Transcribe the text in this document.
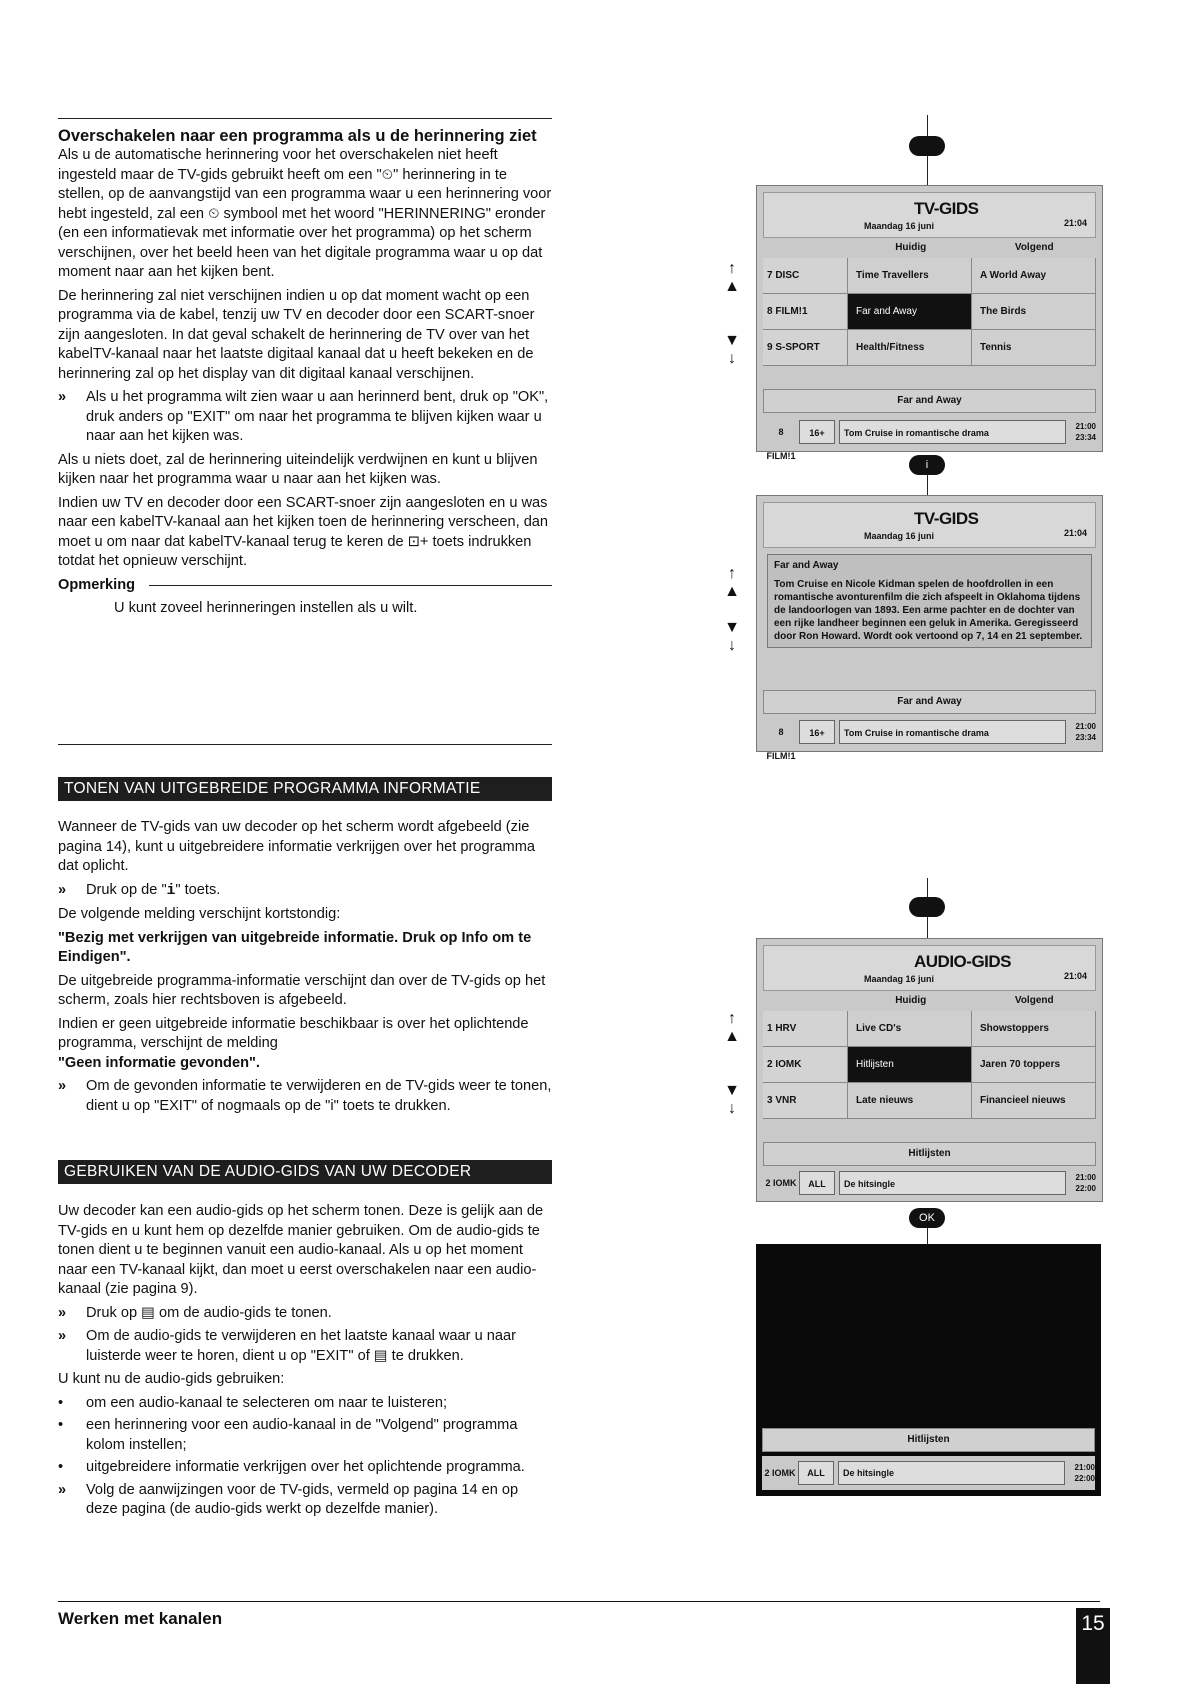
Overschakelen naar een programma als u de herinnering ziet

Als u de automatische herinnering voor het overschakelen niet heeft ingesteld maar de TV-gids gebruikt heeft om een "⏲" herinnering in te stellen, op de aanvangstijd van een programma waar u een herinnering voor hebt ingesteld, zal een ⏲ symbool met het woord "HERINNERING" eronder (en een informatievak met informatie over het programma) op het scherm verschijnen, over het beeld heen van het digitale programma waar u op dat moment naar aan het kijken bent.

De herinnering zal niet verschijnen indien u op dat moment wacht op een programma via de kabel, tenzij uw TV en decoder door een SCART-snoer zijn aangesloten. In dat geval schakelt de herinnering de TV over van het kabelTV-kanaal naar het laatste digitaal kanaal dat u heeft bekeken en de herinnering zal op het display van dit digitaal kanaal verschijnen.

»	Als u het programma wilt zien waar u aan herinnerd bent, druk op "OK", druk anders op "EXIT" om naar het programma te blijven kijken waar u naar aan het kijken was.

Als u niets doet, zal de herinnering uiteindelijk verdwijnen en kunt u blijven kijken naar het programma waar u naar aan het kijken was.

Indien uw TV en decoder door een SCART-snoer zijn aangesloten en u was naar een kabelTV-kanaal aan het kijken toen de herinnering verscheen, dan moet u om naar dat kabelTV-kanaal terug te keren de ⊡+ toets indrukken totdat het opnieuw verschijnt.

Opmerking

U kunt zoveel herinneringen instellen als u wilt.

TONEN VAN UITGEBREIDE PROGRAMMA INFORMATIE

Wanneer de TV-gids van uw decoder op het scherm wordt afgebeeld (zie pagina 14), kunt u uitgebreidere informatie verkrijgen over het programma dat oplicht.

»	Druk op de "i" toets.

De volgende melding verschijnt kortstondig:

"Bezig met verkrijgen van uitgebreide informatie. Druk op Info om te Eindigen".

De uitgebreide programma-informatie verschijnt dan over de TV-gids op het scherm, zoals hier rechtsboven is afgebeeld.

Indien er geen uitgebreide informatie beschikbaar is over het oplichtende programma, verschijnt de melding
"Geen informatie gevonden".

»	Om de gevonden informatie te verwijderen en de TV-gids weer te tonen, dient u op "EXIT" of nogmaals op de "i" toets te drukken.
GEBRUIKEN VAN DE AUDIO-GIDS VAN UW DECODER

Uw decoder kan een audio-gids op het scherm tonen. Deze is gelijk aan de TV-gids en u kunt hem op dezelfde manier gebruiken. Om de audio-gids te tonen dient u te beginnen vanuit een audio-kanaal. Als u op het moment naar een TV-kanaal kijkt, dan moet u eerst overschakelen naar een audio-kanaal (zie pagina 9).

»	Druk op ▤ om de audio-gids te tonen.
»	Om de audio-gids te verwijderen en het laatste kanaal waar u naar luisterde weer te horen, dient u op "EXIT" of ▤ te drukken.

U kunt nu de audio-gids gebruiken:

•	om een audio-kanaal te selecteren om naar te luisteren;
•	een herinnering voor een audio-kanaal in de "Volgend" programma kolom instellen;
•	uitgebreidere informatie verkrijgen over het oplichtende programma.
»	Volg de aanwijzingen voor de TV-gids, vermeld op pagina 14 en op deze pagina (de audio-gids werkt op dezelfde manier).
↑
▲

▼
↓
TV-GIDS
Maandag 16 juni	21:04
Huidig	Volgend
7 DISC	Time Travellers	A World Away
8 FILM!1	Far and Away	The Birds
9 S-SPORT	Health/Fitness	Tennis
Far and Away
8 FILM!1
16+	Tom Cruise in romantische drama
21:00
23:34
i
↑
▲

▼
↓
TV-GIDS
Maandag 16 juni	21:04
Far and Away
Tom Cruise en Nicole Kidman spelen de hoofdrollen in een romantische avonturenfilm die zich afspeelt in Oklahoma tijdens de landoorlogen van 1893. Een arme pachter en de dochter van een rijke landheer beginnen een geluk in Amerika. Geregisseerd door Ron Howard. Wordt ook vertoond op 7, 14 en 21 september.
Far and Away
8 FILM!1
16+	Tom Cruise in romantische drama
21:00
23:34
↑
▲

▼
↓
AUDIO-GIDS
Maandag 16 juni	21:04
Huidig	Volgend
1 HRV	Live CD's	Showstoppers
2 IOMK	Hitlijsten	Jaren 70 toppers
3 VNR	Late nieuws	Financieel nieuws
Hitlijsten
2 IOMK	ALL	De hitsingle
21:00
22:00
OK
Hitlijsten
2 IOMK	ALL	De hitsingle
21:00
22:00
Werken met kanalen	15
